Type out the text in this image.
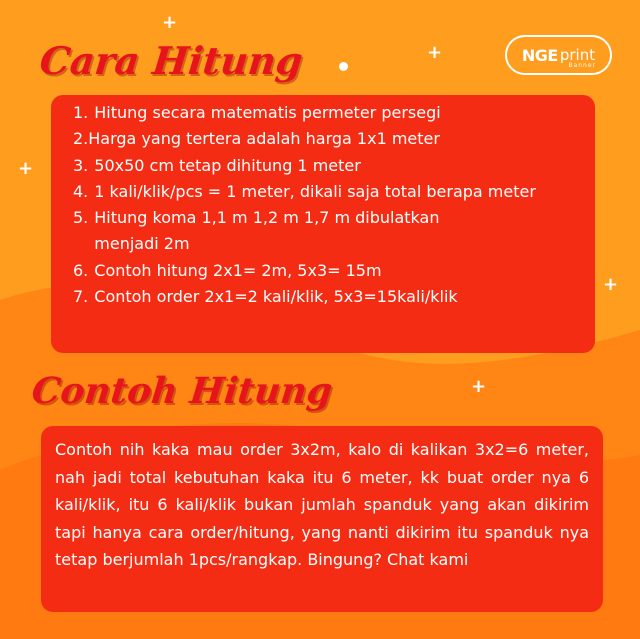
+
+
+
+
+
Cara Hitung	NGE print
Banner
1. Hitung secara matematis permeter persegi
2. Harga yang tertera adalah harga 1x1 meter
3. 50x50 cm tetap dihitung 1 meter
4. 1 kali/klik/pcs = 1 meter, dikali saja total berapa meter
5. Hitung koma 1,1 m 1,2 m 1,7 m dibulatkan menjadi 2m
6. Contoh hitung 2x1= 2m, 5x3= 15m
7. Contoh order 2x1=2 kali/klik, 5x3=15kali/klik
Contoh Hitung

Contoh nih kaka mau order 3x2m, kalo di kalikan 3x2=6 meter, nah jadi total kebutuhan kaka itu 6 meter, kk buat order nya 6 kali/klik, itu 6 kali/klik bukan jumlah spanduk yang akan dikirim tapi hanya cara order/hitung, yang nanti dikirim itu spanduk nya tetap berjumlah 1pcs/rangkap. Bingung? Chat kami
